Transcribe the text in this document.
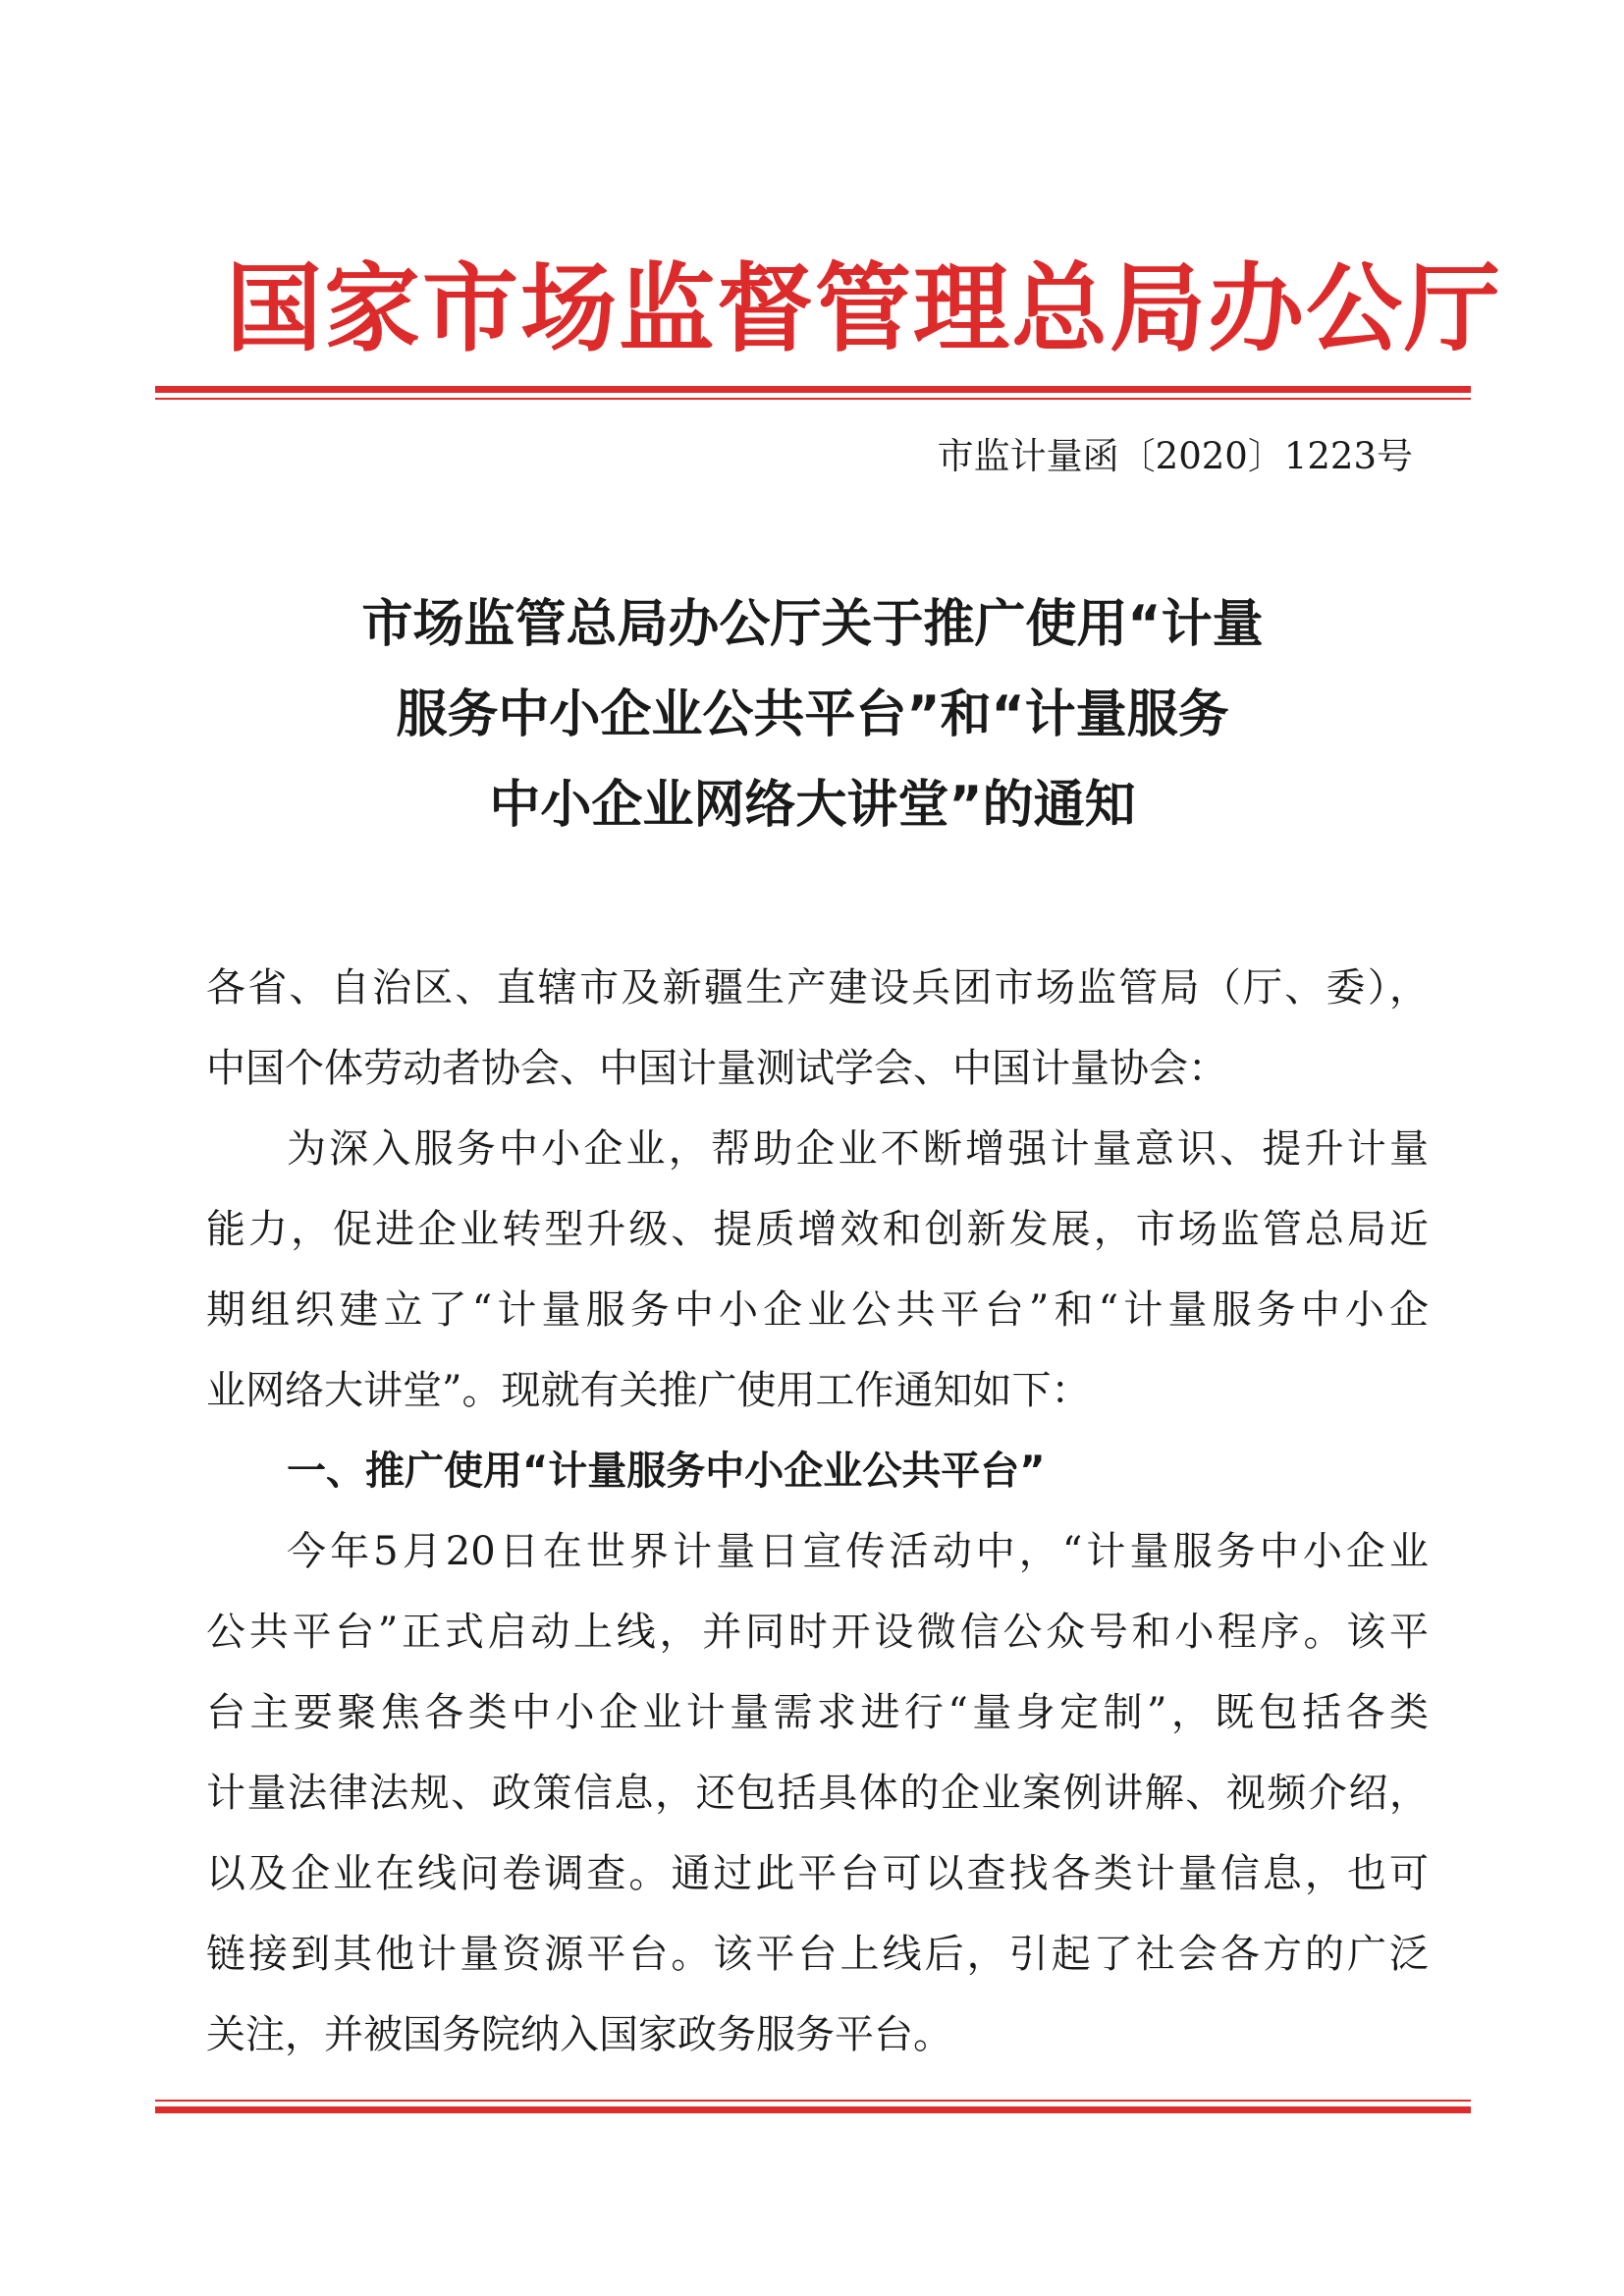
国家市场监督管理总局办公厅
市监计量函〔2020〕1223号
市场监管总局办公厅关于推广使用“计量
服务中小企业公共平台”和“计量服务
中小企业网络大讲堂”的通知
各省、自治区、直辖市及新疆生产建设兵团市场监管局（厅、委），
中国个体劳动者协会、中国计量测试学会、中国计量协会：
为深入服务中小企业，帮助企业不断增强计量意识、提升计量
能力，促进企业转型升级、提质增效和创新发展，市场监管总局近
期组织建立了“计量服务中小企业公共平台”和“计量服务中小企
业网络大讲堂”。现就有关推广使用工作通知如下：
一、推广使用“计量服务中小企业公共平台”
今年5月20日在世界计量日宣传活动中，“计量服务中小企业
公共平台”正式启动上线，并同时开设微信公众号和小程序。该平
台主要聚焦各类中小企业计量需求进行“量身定制”，既包括各类
计量法律法规、政策信息，还包括具体的企业案例讲解、视频介绍，
以及企业在线问卷调查。通过此平台可以查找各类计量信息，也可
链接到其他计量资源平台。该平台上线后，引起了社会各方的广泛
关注，并被国务院纳入国家政务服务平台。
